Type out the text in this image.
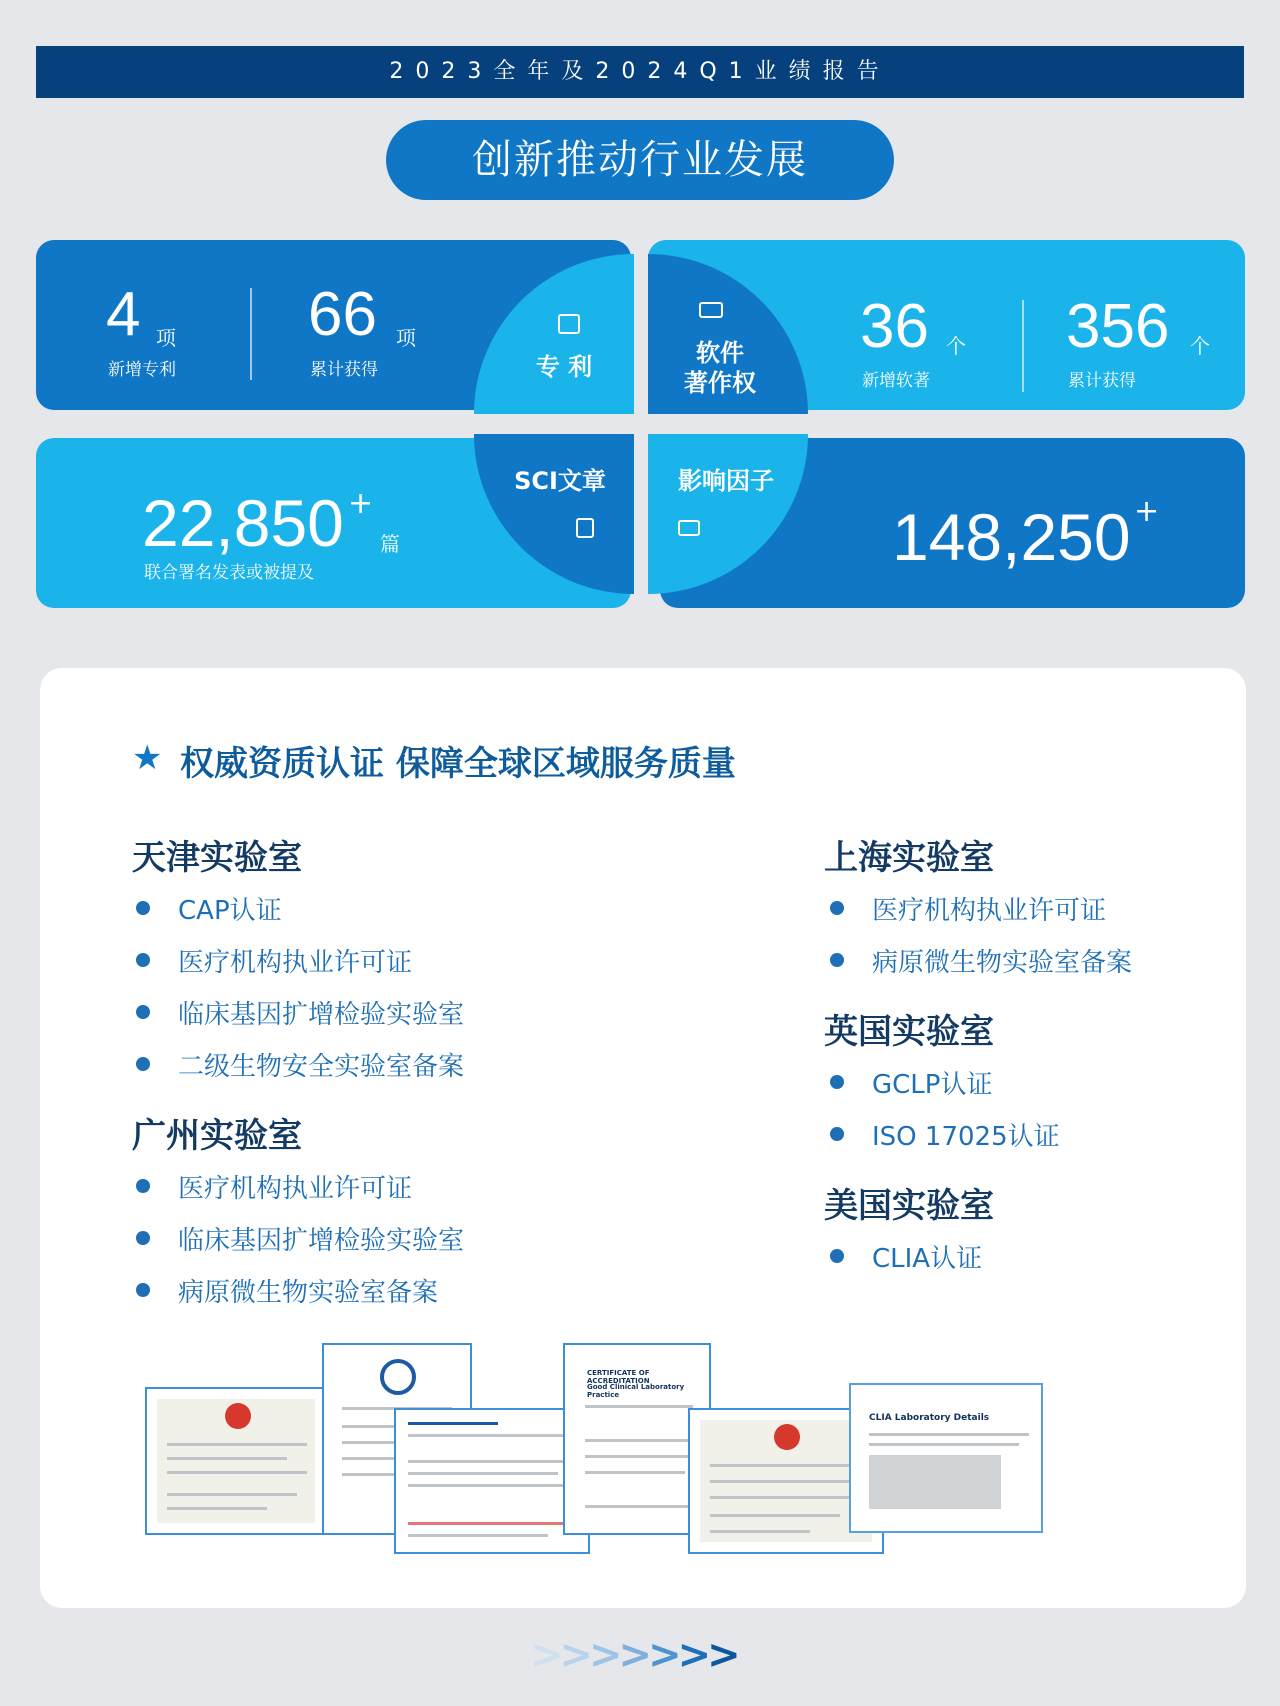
2023全年及2024Q1业绩报告
创新推动行业发展
4 项
新增专利
66 项
累计获得
36 个
新增软著
356 个
累计获得
22,850 +
篇
联合署名发表或被提及	148,250 +
专 利	软件
著作权
SCI文章	影响因子
★ 权威资质认证 保障全球区域服务质量
天津实验室
CAP认证
医疗机构执业许可证
临床基因扩增检验实验室
二级生物安全实验室备案
广州实验室
医疗机构执业许可证
临床基因扩增检验实验室
病原微生物实验室备案
上海实验室
医疗机构执业许可证
病原微生物实验室备案
英国实验室
GCLP认证
ISO 17025认证
美国实验室
CLIA认证
CERTIFICATE OF ACCREDITATION
Good Clinical Laboratory Practice
CLIA Laboratory Details
>>>>>>>
